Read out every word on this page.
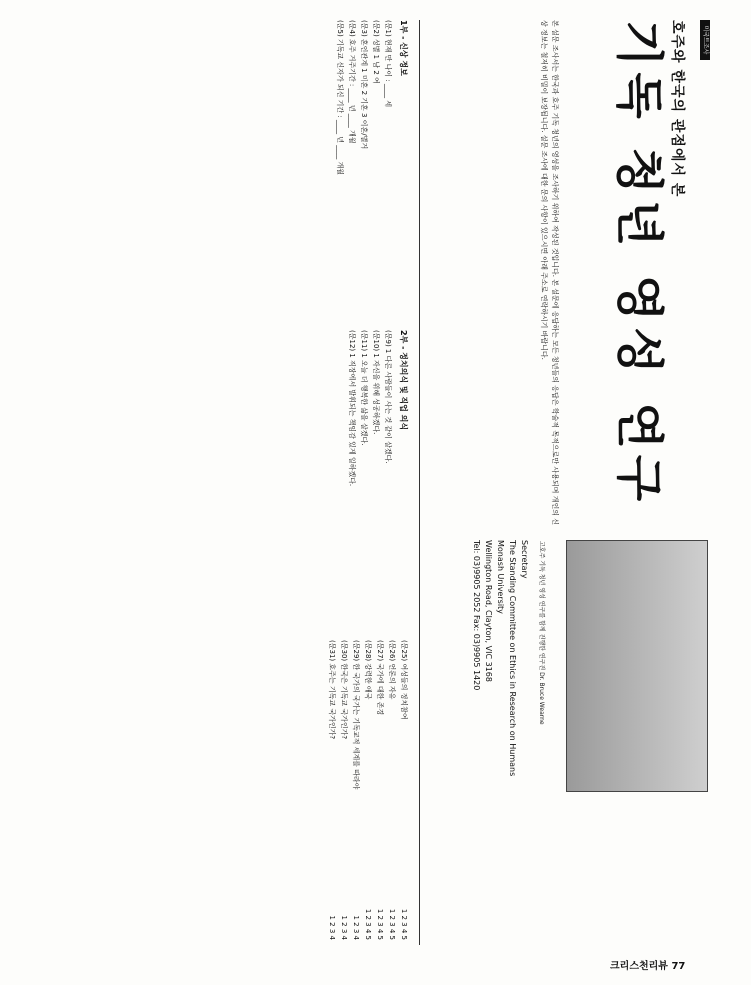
미국트조사
호주와 한국의 관점에서 본
기독 청년 영성 연구
고호주 기독 청년 영성 연구를 함께 진행한 연구진 Dr. Bruce Wearne
본 설문 조사서는 한국과 호주 기독 청년의 영성을 조사하기 위하여 작성된 것입니다. 본 설문에 응답하는 모든 청년들의 응답은 학술적 목적으로만 사용되며 개인의 신상 정보는 철저히 비밀이 보장됩니다. 설문 조사에 대한 문의 사항이 있으시면 아래 주소로 연락하시기 바랍니다.
Secretary
The Standing Committee on Ethics in Research on Humans
Monash University
Wellington Road, Clayton, VIC 3168
Tel: 03)9905 2052 Fax: 03)9905 1420
1부 - 신상 정보
(문1) 현재 만 나이 : ____ 세
(문2) 성별 1 남 2 여
(문3) 혼인관계 1 미혼 2 기혼 3 이혼/별거
(문4) 호주 거주기간 : ____ 년 ____ 개월
(문5) 기독교 신자가 되신 기간 : ____ 년 ____ 개월
2부 - 정치의식 및 직업 의식
(문9) 1 다른 사람들이 사는 것 같이 살겠다.
(문10) 1 자신을 위해 성공하겠다.
(문11) 1 오늘 더 행복한 삶을 살겠다.
(문12) 1 직장에서 발휘되는 책임감 있게 일하겠다.
(문25) 여성들의 정치참여
1 2 3 4 5
(문26) 언론의 자유
1 2 3 4 5
(문27) 국가에 대한 존경
1 2 3 4 5
(문28) 강력한 애국
1 2 3 4 5
(문29) 한 국가의 국가는 기독교적 세계를 따라야
1 2 3 4
(문30) 한국은 기독교 국가인가?
1 2 3 4
(문31) 호주는 기독교 국가인가?
1 2 3 4
크리스천리뷰 77
